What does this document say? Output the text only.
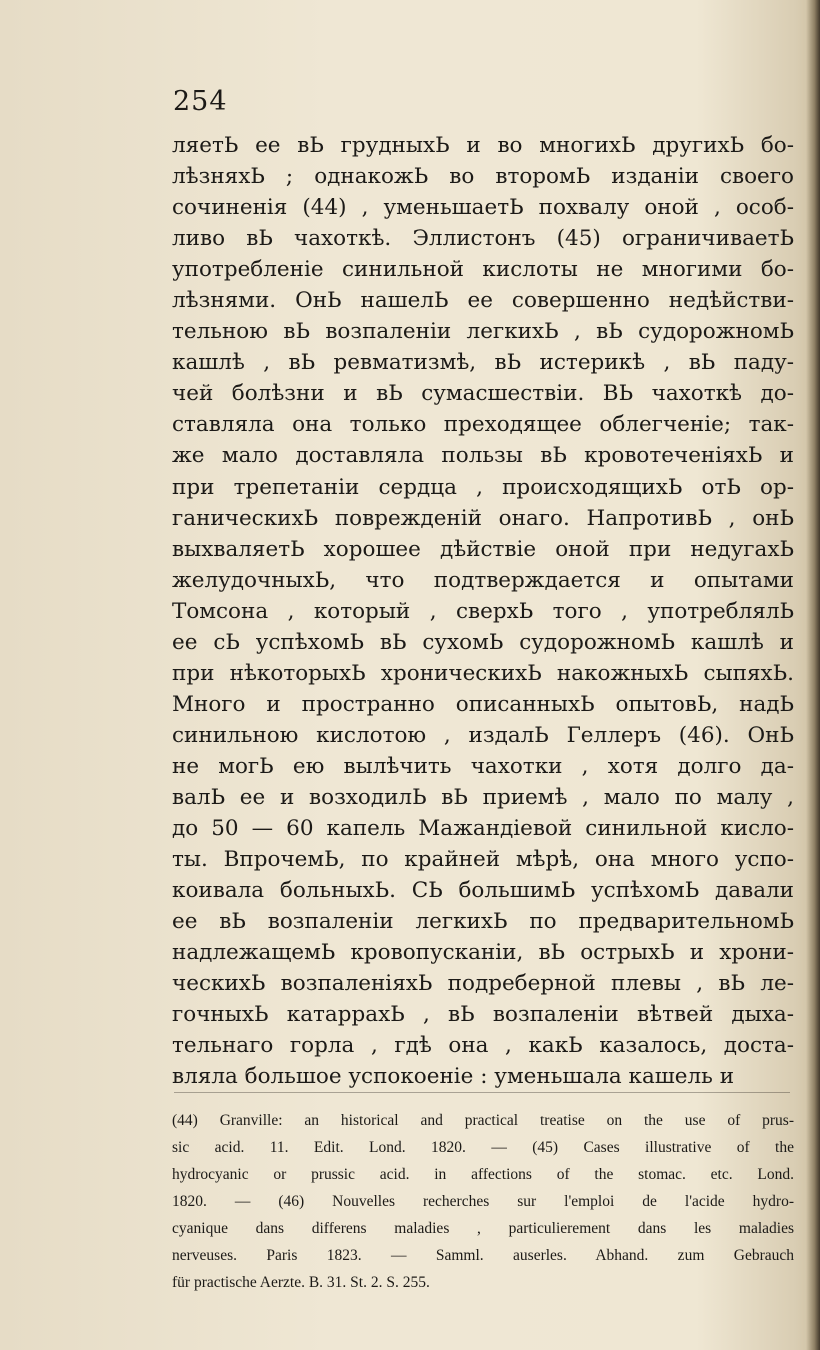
254
ляетЬ ее вЬ грудныхЬ и во многихЬ другихЬ бо-
лѣзняхЬ ; однакожЬ во второмЬ изданіи своего
сочиненія (44) , уменьшаетЬ похвалу оной , особ-
ливо вЬ чахоткѣ. Эллистонъ (45) ограничиваетЬ
употребленіе синильной кислоты не многими бо-
лѣзнями. ОнЬ нашелЬ ее совершенно недѣйстви-
тельною вЬ возпаленіи легкихЬ , вЬ судорожномЬ
кашлѣ , вЬ ревматизмѣ, вЬ истерикѣ , вЬ паду-
чей болѣзни и вЬ сумасшествіи. ВЬ чахоткѣ до-
ставляла она только преходящее облегченіе; так-
же мало доставляла пользы вЬ кровотеченіяхЬ и
при трепетаніи сердца , происходящихЬ отЬ ор-
ганическихЬ поврежденій онаго. НапротивЬ , онЬ
выхваляетЬ хорошее дѣйствіе оной при недугахЬ
желудочныхЬ, что подтверждается и опытами
Томсона , который , сверхЬ того , употреблялЬ
ее сЬ успѣхомЬ вЬ сухомЬ судорожномЬ кашлѣ и
при нѣкоторыхЬ хроническихЬ накожныхЬ сыпяхЬ.
Много и пространно описанныхЬ опытовЬ, надЬ
синильною кислотою , издалЬ Геллеръ (46). ОнЬ
не могЬ ею вылѣчить чахотки , хотя долго да-
валЬ ее и возходилЬ вЬ приемѣ , мало по малу ,
до 50 — 60 капель Мажандіевой синильной кисло-
ты. ВпрочемЬ, по крайней мѣрѣ, она много успо-
коивала больныхЬ. СЬ большимЬ успѣхомЬ давали
ее вЬ возпаленіи легкихЬ по предварительномЬ
надлежащемЬ кровопусканіи, вЬ острыхЬ и хрони-
ческихЬ возпаленіяхЬ подреберной плевы , вЬ ле-
гочныхЬ катаррахЬ , вЬ возпаленіи вѣтвей дыха-
тельнаго горла , гдѣ она , какЬ казалось, доста-
вляла большое успокоеніе : уменьшала кашель и
(44) Granville: an historical and practical treatise on the use of prus-
sic acid. 11. Edit. Lond. 1820. — (45) Cases illustrative of the
hydrocyanic or prussic acid. in affections of the stomac. etc. Lond.
1820. — (46) Nouvelles recherches sur l'emploi de l'acide hydro-
cyanique dans differens maladies , particulierement dans les maladies
nerveuses. Paris 1823. — Samml. auserles. Abhand. zum Gebrauch
für practische Aerzte. B. 31. St. 2. S. 255.
